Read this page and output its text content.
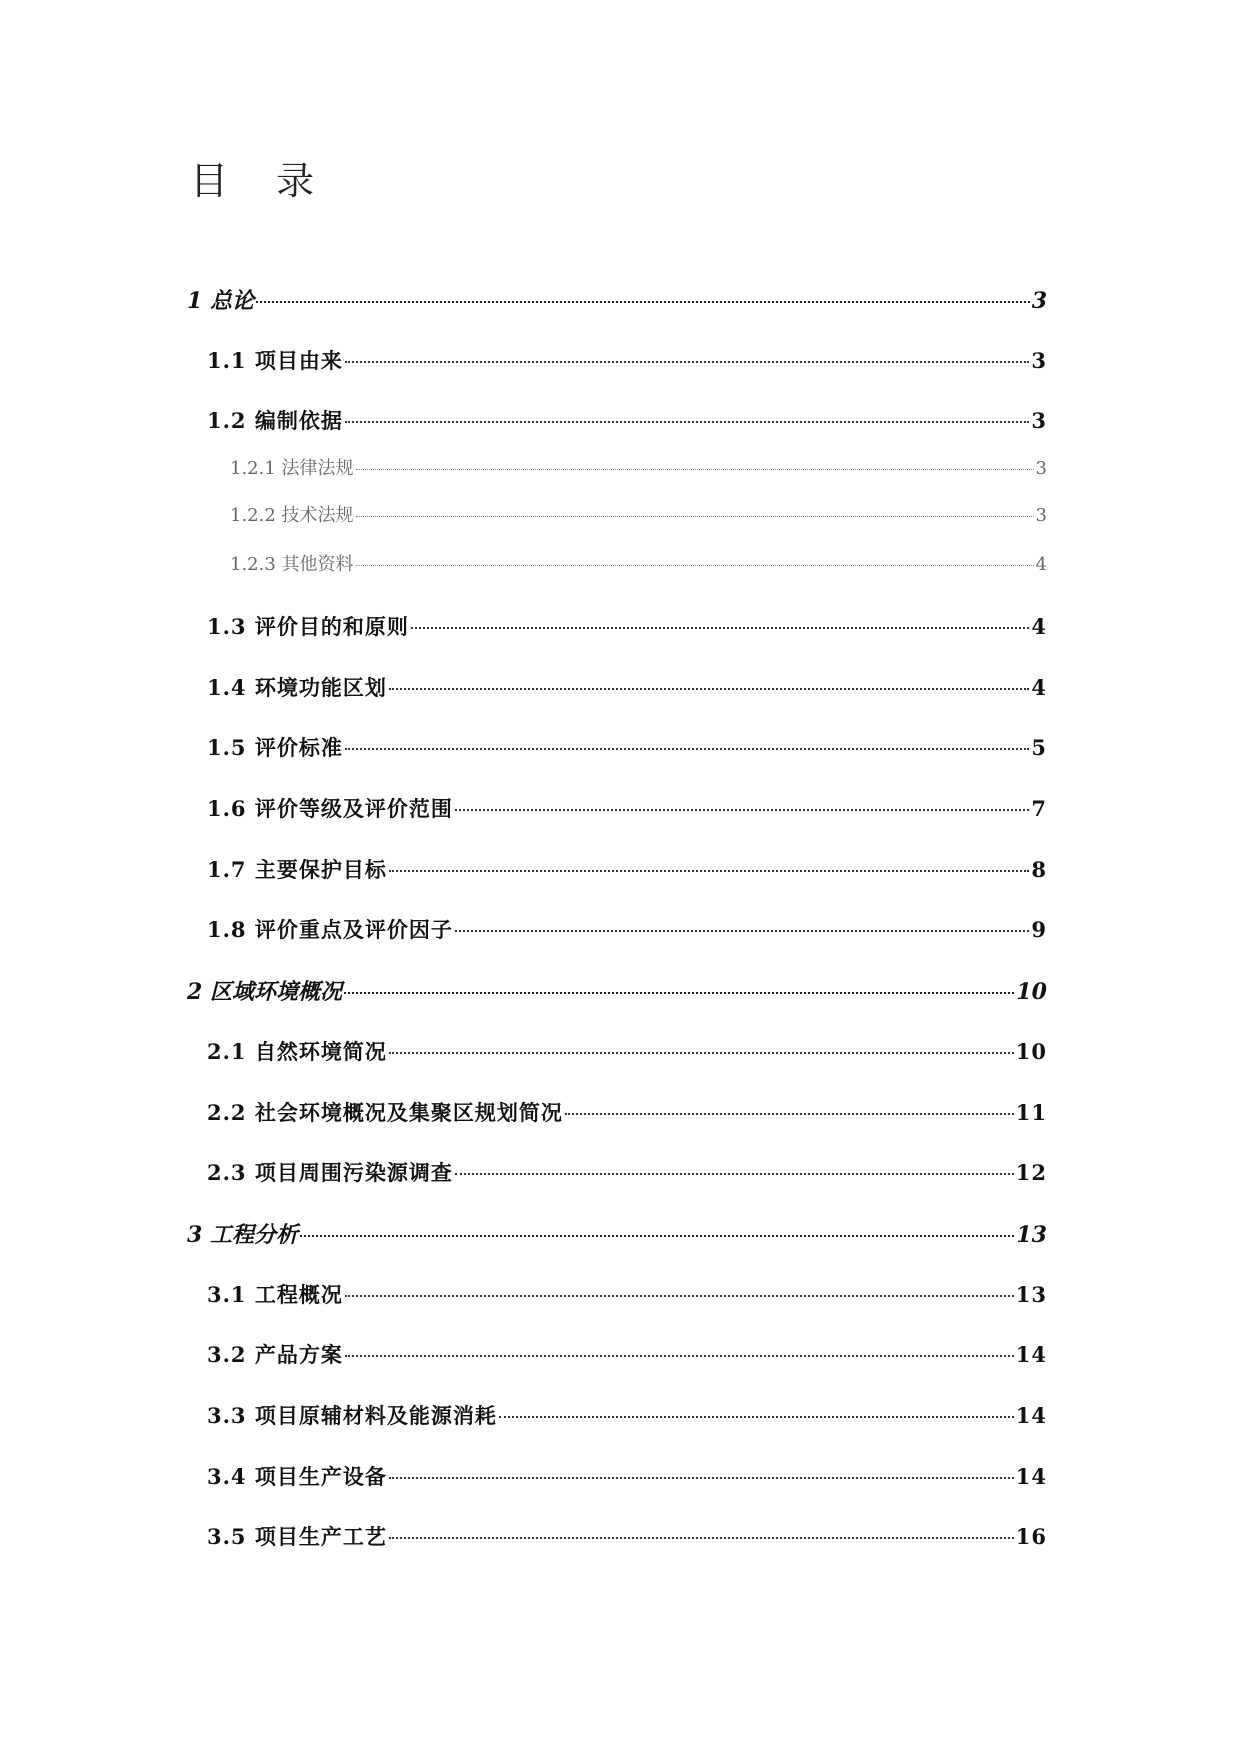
目 录
1 总论	3
1.1 项目由来	3
1.2 编制依据	3
1.2.1 法律法规	3
1.2.2 技术法规	3
1.2.3 其他资料	4
1.3 评价目的和原则	4
1.4 环境功能区划	4
1.5 评价标准	5
1.6 评价等级及评价范围	7
1.7 主要保护目标	8
1.8 评价重点及评价因子	9
2 区域环境概况	10
2.1 自然环境简况	10
2.2 社会环境概况及集聚区规划简况	11
2.3 项目周围污染源调查	12
3 工程分析	13
3.1 工程概况	13
3.2 产品方案	14
3.3 项目原辅材料及能源消耗	14
3.4 项目生产设备	14
3.5 项目生产工艺	16
